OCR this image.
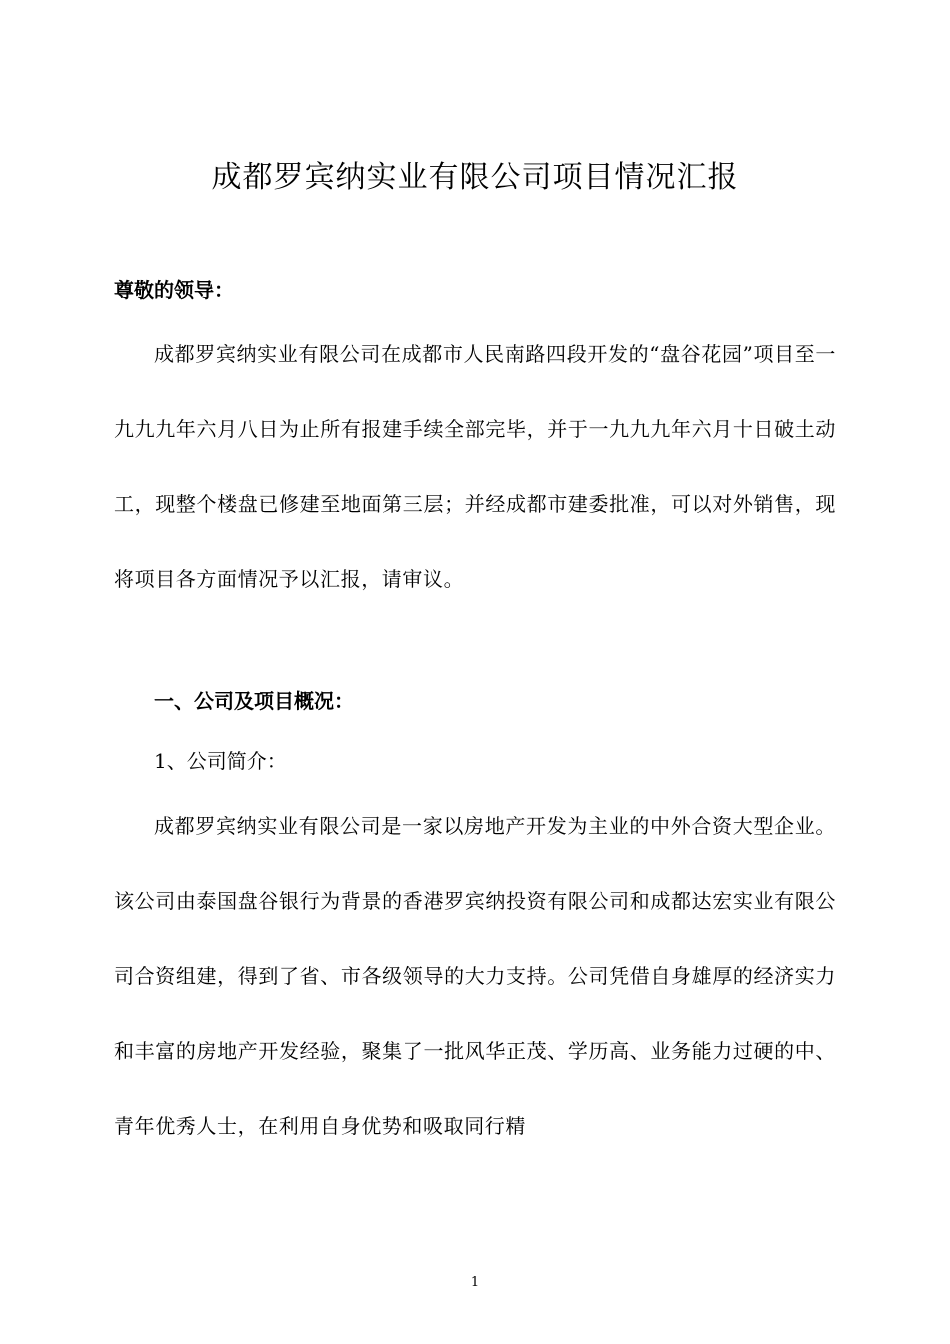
成都罗宾纳实业有限公司项目情况汇报
尊敬的领导：

成都罗宾纳实业有限公司在成都市人民南路四段开发的“盘谷花园”项目至一九九九年六月八日为止所有报建手续全部完毕，并于一九九九年六月十日破土动工，现整个楼盘已修建至地面第三层；并经成都市建委批准，可以对外销售，现将项目各方面情况予以汇报，请审议。

一、公司及项目概况：
1、公司简介：

成都罗宾纳实业有限公司是一家以房地产开发为主业的中外合资大型企业。该公司由泰国盘谷银行为背景的香港罗宾纳投资有限公司和成都达宏实业有限公司合资组建，得到了省、市各级领导的大力支持。公司凭借自身雄厚的经济实力和丰富的房地产开发经验，聚集了一批风华正茂、学历高、业务能力过硬的中、青年优秀人士，在利用自身优势和吸取同行精

1
